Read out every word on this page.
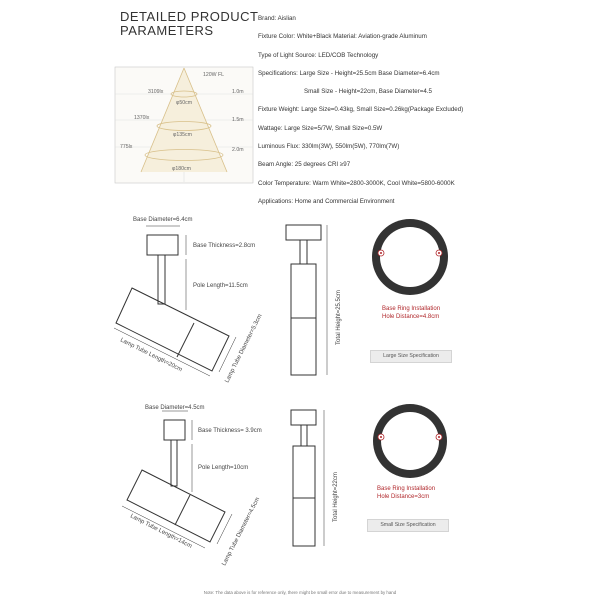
DETAILED PRODUCT
PARAMETERS
Brand: Aislian
Fixture Color: White+Black Material: Aviation-grade Aluminum
Type of Light Source: LED/COB Technology
Specifications: Large Size - Height=25.5cm Base Diameter=6.4cm
Small Size - Height=22cm, Base Diameter=4.5
Fixture Weight: Large Size=0.43kg, Small Size=0.26kg(Package Excluded)
Wattage: Large Size=5/7W, Small Size=0.5W
Luminous Flux: 330lm(3W), 550lm(5W), 770lm(7W)
Beam Angle: 25 degrees CRI ≥97
Color Temperature: Warm White=2800-3000K, Cool White=5800-6000K
Applications: Home and Commercial Environment
120W FL
3109lx
φ50cm
1.0m
1370lx
φ135cm
1.5m
775lx
φ180cm
2.0m
Base Diameter=6.4cm
Base Thickness=2.8cm
Pole Length=11.5cm
Lamp Tube Length=20cm	Lamp Tube Diameter=5.3cm	Total Height=25.5cm	Base Ring Installation
Hole Distance=4.8cm
Base Diameter=4.5cm
Base Thickness= 3.9cm
Pole Length=10cm
Lamp Tube Length=14cm	Lamp Tube Diameter=4.5cm	Total Height=22cm	Base Ring Installation
Hole Distance=3cm
Large Size Specification
Small Size Specification
Note: The data above is for reference only, there might be small error due to measurement by hand
